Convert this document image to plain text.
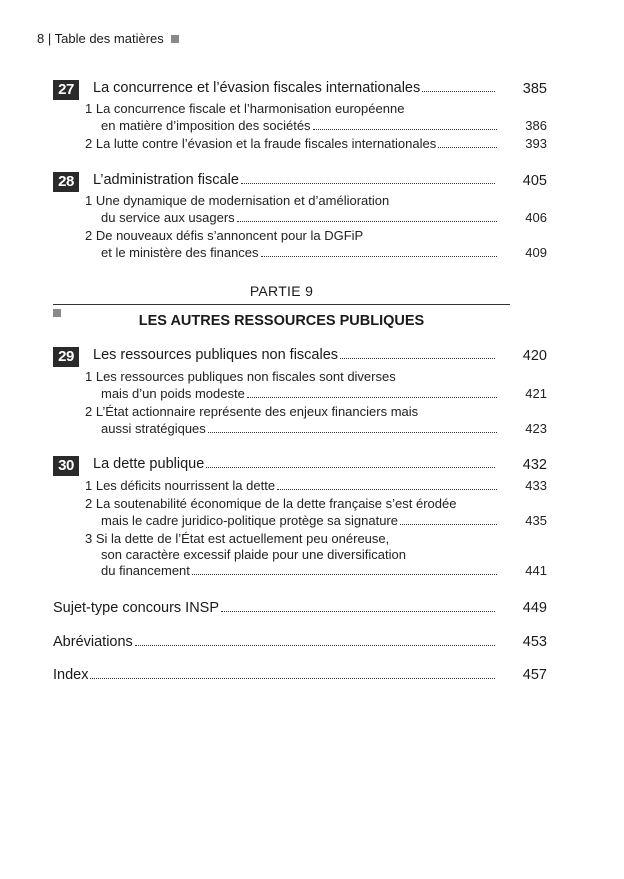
8 | Table des matières
27	La concurrence et l’évasion fiscales internationales	385
1 La concurrence fiscale et l’harmonisation européenne
en matière d’imposition des sociétés	386
2 La lutte contre l’évasion et la fraude fiscales internationales	393
28	L’administration fiscale	405
1 Une dynamique de modernisation et d’amélioration
du service aux usagers	406
2 De nouveaux défis s’annoncent pour la DGFiP
et le ministère des finances	409
PARTIE 9
LES AUTRES RESSOURCES PUBLIQUES
29	Les ressources publiques non fiscales	420
1 Les ressources publiques non fiscales sont diverses
mais d’un poids modeste	421
2 L’État actionnaire représente des enjeux financiers mais
aussi stratégiques	423
30	La dette publique	432
1 Les déficits nourrissent la dette	433
2 La soutenabilité économique de la dette française s’est érodée
mais le cadre juridico-politique protège sa signature	435
3 Si la dette de l’État est actuellement peu onéreuse,
son caractère excessif plaide pour une diversification
du financement	441
Sujet-type concours INSP	449
Abréviations	453
Index	457
